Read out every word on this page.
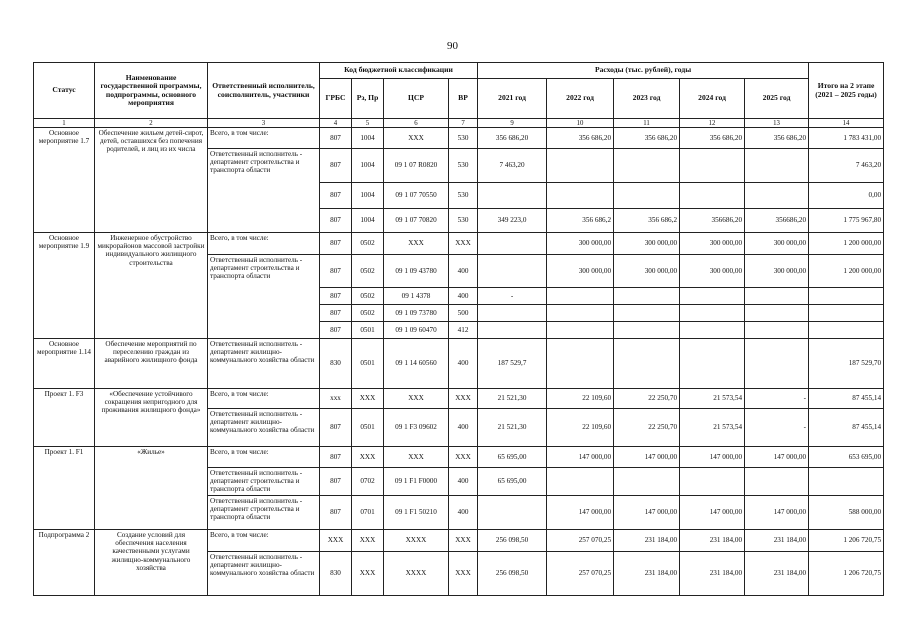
90
Статус	Наименование государственной программы, подпрограммы, основного мероприятия	Ответственный исполнитель, соисполнитель, участники	Код бюджетной классификации				Расходы (тыс. рублей), годы					Итого на 2 этапе (2021 – 2025 годы)
			ГРБС	Рз, Пр	ЦСР	ВР	2021 год	2022 год	2023 год	2024 год	2025 год	
1	2	3	4	5	6	7	9	10	11	12	13	14
Основное мероприятие 1.7	Обеспечение жильем детей-сирот, детей, оставшихся без попечения родителей, и лиц из их числа	Всего, в том числе:	807	1004	XXX	530	356 686,20	356 686,20	356 686,20	356 686,20	356 686,20	1 783 431,00
		Ответственный исполнитель - департамент строительства и транспорта области	807	1004	09 1 07 R0820	530	7 463,20					7 463,20
			807	1004	09 1 07 70550	530						0,00
			807	1004	09 1 07 70820	530	349 223,0	356 686,2	356 686,2	356686,20	356686,20	1 775 967,80
Основное мероприятие 1.9	Инженерное обустройство микрорайонов массовой застройки индивидуального жилищного строительства	Всего, в том числе:	807	0502	XXX	XXX		300 000,00	300 000,00	300 000,00	300 000,00	1 200 000,00
		Ответственный исполнитель - департамент строительства и транспорта области	807	0502	09 1 09 43780	400		300 000,00	300 000,00	300 000,00	300 000,00	1 200 000,00
			807	0502	09 1 4378	400	-					
			807	0502	09 1 09 73780	500						
			807	0501	09 1 09 60470	412						
Основное мероприятие 1.14	Обеспечение мероприятий по переселению граждан из аварийного жилищного фонда	Ответственный исполнитель - департамент жилищно-коммунального хозяйства области	830	0501	09 1 14 60560	400	187 529,7					187 529,70
Проект 1. F3	«Обеспечение устойчивого сокращения непригодного для проживания жилищного фонда»	Всего, в том числе:	xxx	XXX	XXX	XXX	21 521,30	22 109,60	22 250,70	21 573,54	-	87 455,14
		Ответственный исполнитель - департамент жилищно-коммунального хозяйства области	807	0501	09 1 F3 09602	400	21 521,30	22 109,60	22 250,70	21 573,54	-	87 455,14
Проект 1. F1	«Жилье»	Всего, в том числе:	807	XXX	XXX	XXX	65 695,00	147 000,00	147 000,00	147 000,00	147 000,00	653 695,00
		Ответственный исполнитель - департамент строительства и транспорта области	807	0702	09 1 F1 F0000	400	65 695,00					
		Ответственный исполнитель - департамент строительства и транспорта области	807	0701	09 1 F1 50210	400		147 000,00	147 000,00	147 000,00	147 000,00	588 000,00
Подпрограмма 2	Создание условий для обеспечения населения качественными услугами жилищно-коммунального хозяйства	Всего, в том числе:	XXX	XXX	XXXX	XXX	256 098,50	257 070,25	231 184,00	231 184,00	231 184,00	1 206 720,75
		Ответственный исполнитель - департамент жилищно-коммунального хозяйства области	830	XXX	XXXX	XXX	256 098,50	257 070,25	231 184,00	231 184,00	231 184,00	1 206 720,75
